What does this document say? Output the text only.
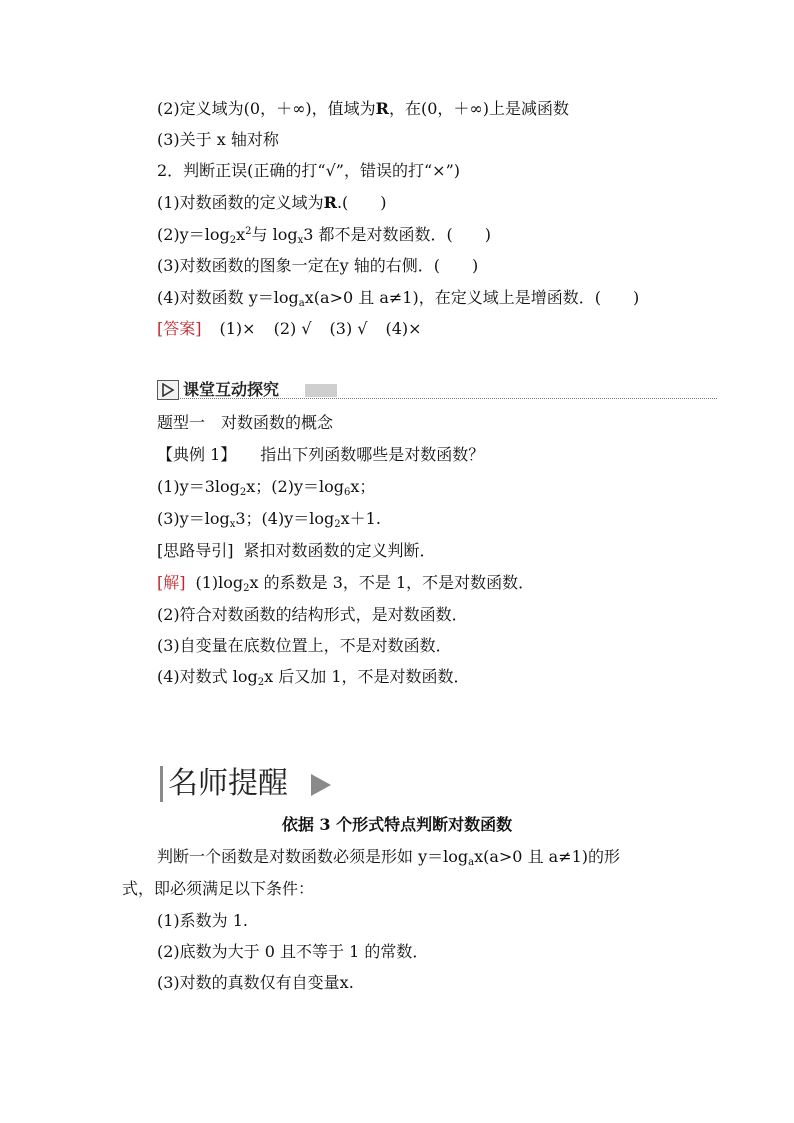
(2)定义域为(0，＋∞)，值域为R，在(0，＋∞)上是减函数
(3)关于 x 轴对称
2．判断正误(正确的打“√”，错误的打“×”)
(1)对数函数的定义域为R.(　　)
$(2)y=\log_2x^2$与 $\log_x3$ 都不是对数函数．(　　)
(3)对数函数的图象一定在y 轴的右侧．(　　)
(4)对数函数 $y=\log_ax(a>0$ 且 a≠1)，在定义域上是增函数．(　　)
[答案] (1)× (2) √ (3) √ (4)×
课堂互动探究
题型一　对数函数的概念
【典例 1】 指出下列函数哪些是对数函数？
$(1)y=3\log_2x$；$(2)y=\log_6x$；
$(3)y=\log_x3$；$(4)y=\log_2x+1$.
[思路导引] 紧扣对数函数的定义判断．
[解] $(1)\log_2x$ 的系数是 3，不是 1，不是对数函数．
(2)符合对数函数的结构形式，是对数函数．
(3)自变量在底数位置上，不是对数函数．
(4)对数式 $\log_2x$ 后又加 1，不是对数函数．
名师提醒
依据 3 个形式特点判断对数函数
判断一个函数是对数函数必须是形如 $y=\log_ax(a>0$ 且 a≠1)的形
式，即必须满足以下条件：
(1)系数为 1.
(2)底数为大于 0 且不等于 1 的常数．
(3)对数的真数仅有自变量x.
